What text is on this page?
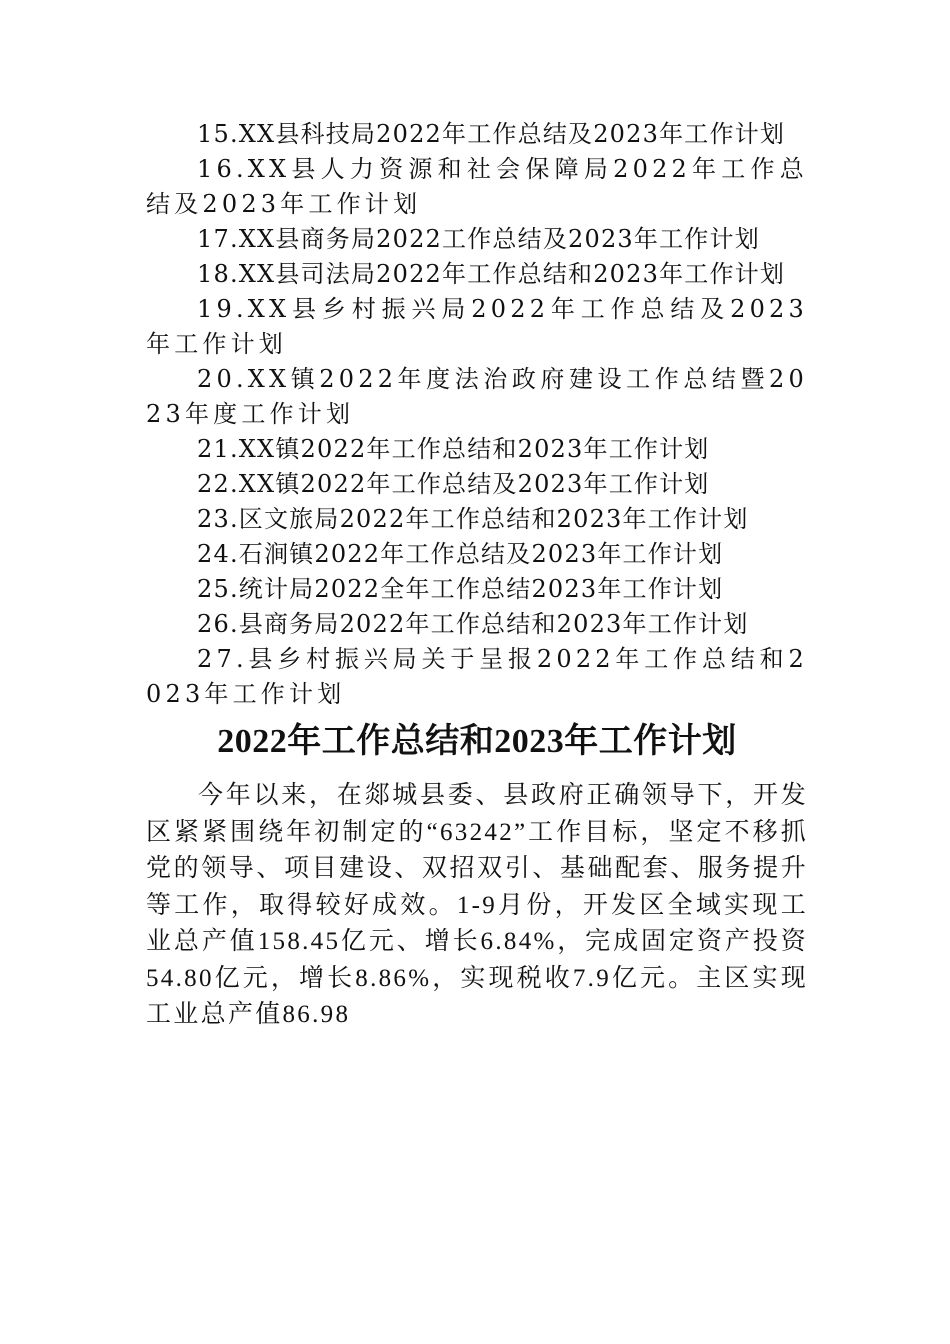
15.XX县科技局2022年工作总结及2023年工作计划
16.XX县人力资源和社会保障局2022年工作总结及2023年工作计划
17.XX县商务局2022工作总结及2023年工作计划
18.XX县司法局2022年工作总结和2023年工作计划
19.XX县乡村振兴局2022年工作总结及2023年工作计划
20.XX镇2022年度法治政府建设工作总结暨2023年度工作计划
21.XX镇2022年工作总结和2023年工作计划
22.XX镇2022年工作总结及2023年工作计划
23.区文旅局2022年工作总结和2023年工作计划
24.石涧镇2022年工作总结及2023年工作计划
25.统计局2022全年工作总结2023年工作计划
26.县商务局2022年工作总结和2023年工作计划
27.县乡村振兴局关于呈报2022年工作总结和2023年工作计划
2022年工作总结和2023年工作计划

今年以来，在郯城县委、县政府正确领导下，开发区紧紧围绕年初制定的“63242”工作目标，坚定不移抓党的领导、项目建设、双招双引、基础配套、服务提升等工作，取得较好成效。1-9月份，开发区全域实现工业总产值158.45亿元、增长6.84%，完成固定资产投资54.80亿元，增长8.86%，实现税收7.9亿元。主区实现工业总产值86.98
